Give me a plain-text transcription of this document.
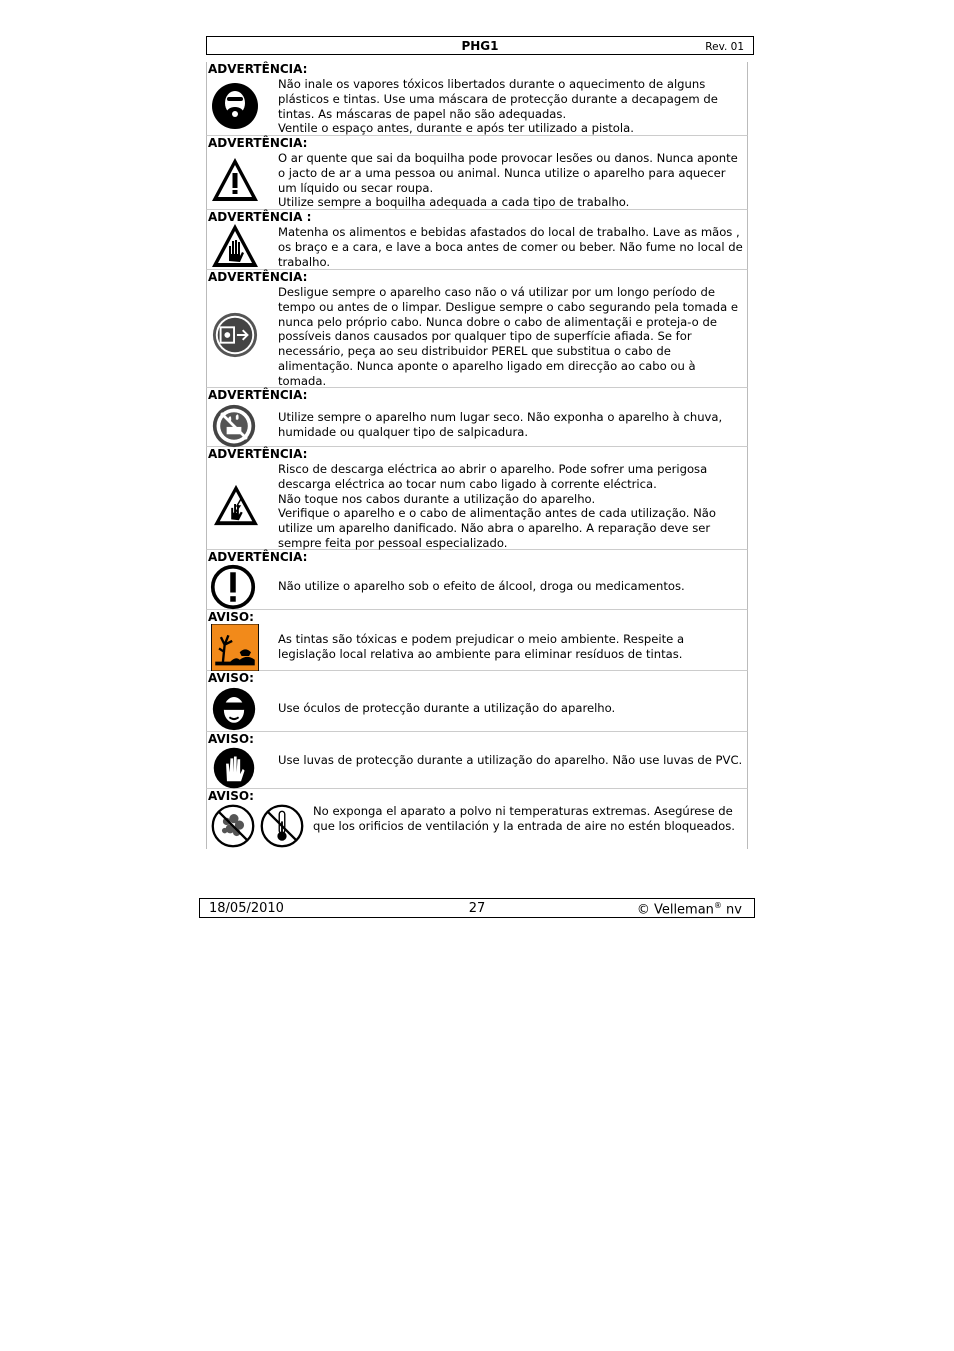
PHG1	Rev. 01
ADVERTÊNCIA:
Não inale os vapores tóxicos libertados durante o aquecimento de alguns plásticos e tintas. Use uma máscara de protecção durante a decapagem de tintas. As máscaras de papel não são adequadas.
Ventile o espaço antes, durante e após ter utilizado a pistola.
ADVERTÊNCIA:
O ar quente que sai da boquilha pode provocar lesões ou danos. Nunca aponte o jacto de ar a uma pessoa ou animal. Nunca utilize o aparelho para aquecer um líquido ou secar roupa.
Utilize sempre a boquilha adequada a cada tipo de trabalho.
ADVERTÊNCIA :
Matenha os alimentos e bebidas afastados do local de trabalho. Lave as mãos , os braço e a cara, e lave a boca antes de comer ou beber. Não fume no local de trabalho.
ADVERTÊNCIA:
Desligue sempre o aparelho caso não o vá utilizar por um longo período de tempo ou antes de o limpar. Desligue sempre o cabo segurando pela tomada e nunca pelo próprio cabo. Nunca dobre o cabo de alimentaçãi e proteja-o de possíveis danos causados por qualquer tipo de superfície afiada. Se for necessário, peça ao seu distribuidor PEREL que substitua o cabo de alimentação. Nunca aponte o aparelho ligado em direcção ao cabo ou à tomada.
ADVERTÊNCIA:
Utilize sempre o aparelho num lugar seco. Não exponha o aparelho à chuva, humidade ou qualquer tipo de salpicadura.
ADVERTÊNCIA:
Risco de descarga eléctrica ao abrir o aparelho. Pode sofrer uma perigosa descarga eléctrica ao tocar num cabo ligado à corrente eléctrica.
Não toque nos cabos durante a utilização do aparelho.
Verifique o aparelho e o cabo de alimentação antes de cada utilização. Não utilize um aparelho danificado. Não abra o aparelho. A reparação deve ser sempre feita por pessoal especializado.
ADVERTÊNCIA:
Não utilize o aparelho sob o efeito de álcool, droga ou medicamentos.
AVISO:
As tintas são tóxicas e podem prejudicar o meio ambiente. Respeite a legislação local relativa ao ambiente para eliminar resíduos de tintas.
AVISO:
Use óculos de protecção durante a utilização do aparelho.
AVISO:
Use luvas de protecção durante a utilização do aparelho. Não use luvas de PVC.
AVISO:
No exponga el aparato a polvo ni temperaturas extremas. Asegúrese de que los orificios de ventilación y la entrada de aire no estén bloqueados.
18/05/2010	27	© Velleman® nv
